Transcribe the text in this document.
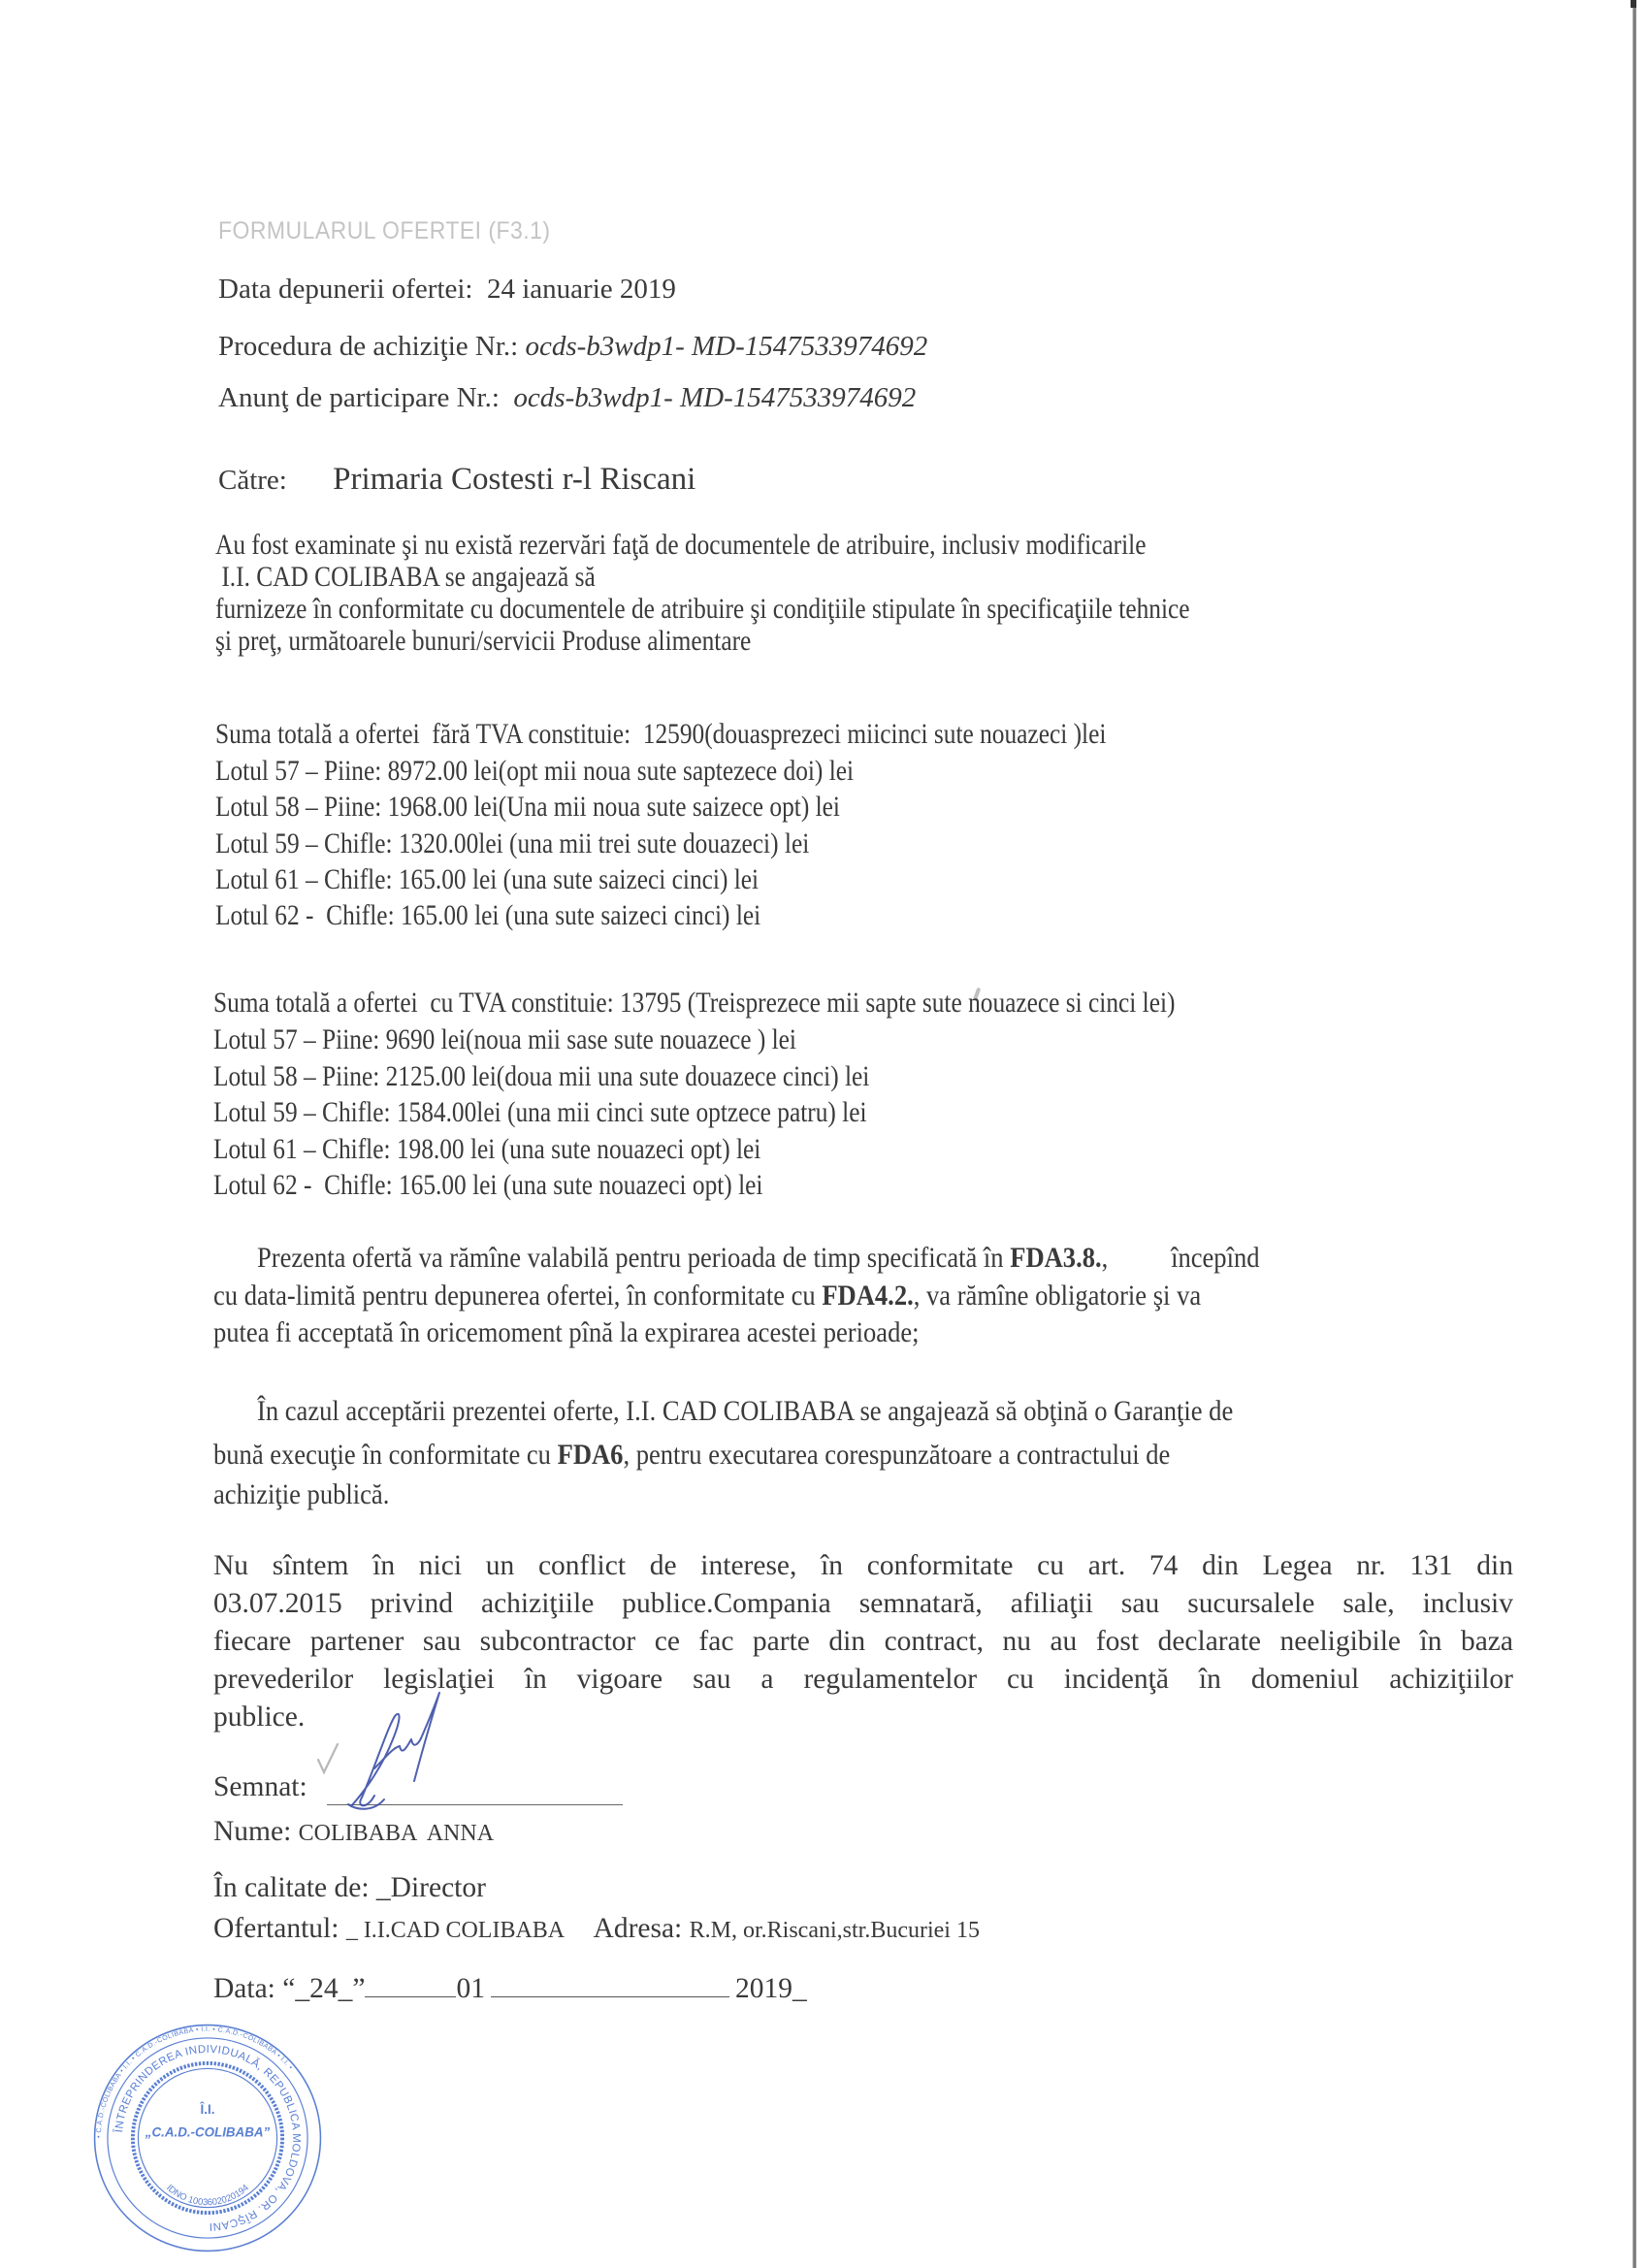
FORMULARUL OFERTEI (F3.1)
Data depunerii ofertei: 24 ianuarie 2019
Procedura de achiziţie Nr.: ocds-b3wdp1- MD-1547533974692
Anunţ de participare Nr.: ocds-b3wdp1- MD-1547533974692
Către: Primaria Costesti r-l Riscani
Au fost examinate şi nu există rezervări faţă de documentele de atribuire, inclusiv modificarile
I.I. CAD COLIBABA se angajează să
furnizeze în conformitate cu documentele de atribuire şi condiţiile stipulate în specificaţiile tehnice
şi preţ, următoarele bunuri/servicii Produse alimentare
Suma totală a ofertei  fără TVA constituie:  12590(douasprezeci miicinci sute nouazeci )lei
Lotul 57 – Piine: 8972.00 lei(opt mii noua sute saptezece doi) lei
Lotul 58 – Piine: 1968.00 lei(Una mii noua sute saizece opt) lei
Lotul 59 – Chifle: 1320.00lei (una mii trei sute douazeci) lei
Lotul 61 – Chifle: 165.00 lei (una sute saizeci cinci) lei
Lotul 62 -  Chifle: 165.00 lei (una sute saizeci cinci) lei
Suma totală a ofertei  cu TVA constituie: 13795 (Treisprezece mii sapte sute nouazece si cinci lei)
Lotul 57 – Piine: 9690 lei(noua mii sase sute nouazece ) lei
Lotul 58 – Piine: 2125.00 lei(doua mii una sute douazece cinci) lei
Lotul 59 – Chifle: 1584.00lei (una mii cinci sute optzece patru) lei
Lotul 61 – Chifle: 198.00 lei (una sute nouazeci opt) lei
Lotul 62 -  Chifle: 165.00 lei (una sute nouazeci opt) lei
Prezenta ofertă va rămîne valabilă pentru perioada de timp specificată în FDA3.8., începînd
cu data-limită pentru depunerea ofertei, în conformitate cu FDA4.2., va rămîne obligatorie şi va
putea fi acceptată în oricemoment pînă la expirarea acestei perioade;
În cazul acceptării prezentei oferte, I.I. CAD COLIBABA se angajează să obţină o Garanţie de
bună execuţie în conformitate cu FDA6, pentru executarea corespunzătoare a contractului de
achiziţie publică.
Nu sîntem în nici un conflict de interese, în conformitate cu art. 74 din Legea nr. 131 din
03.07.2015 privind achiziţiile publice.Compania semnatară, afiliaţii sau sucursalele sale, inclusiv
fiecare partener sau subcontractor ce fac parte din contract, nu au fost declarate neeligibile în baza
prevederilor legislaţiei în vigoare sau a regulamentelor cu incidenţă în domeniul achiziţiilor
publice.
Semnat:
Nume: COLIBABA  ANNA
În calitate de: _Director
Ofertantul: _ I.I.CAD COLIBABA Adresa: R.M, or.Riscani,str.Bucuriei 15
Data: “_24_”	01	2019_
• C.A.D.-COLIBABA • Î.I. • C.A.D.-COLIBABA • Î.I. • C.A.D.-COLIBABA • Î.I. •
ÎNTREPRINDEREA INDIVIDUALĂ, REPUBLICA MOLDOVA, OR. RÎŞCANI
IDNO 1003602020194
Î.I.
„C.A.D.-COLIBABA”
